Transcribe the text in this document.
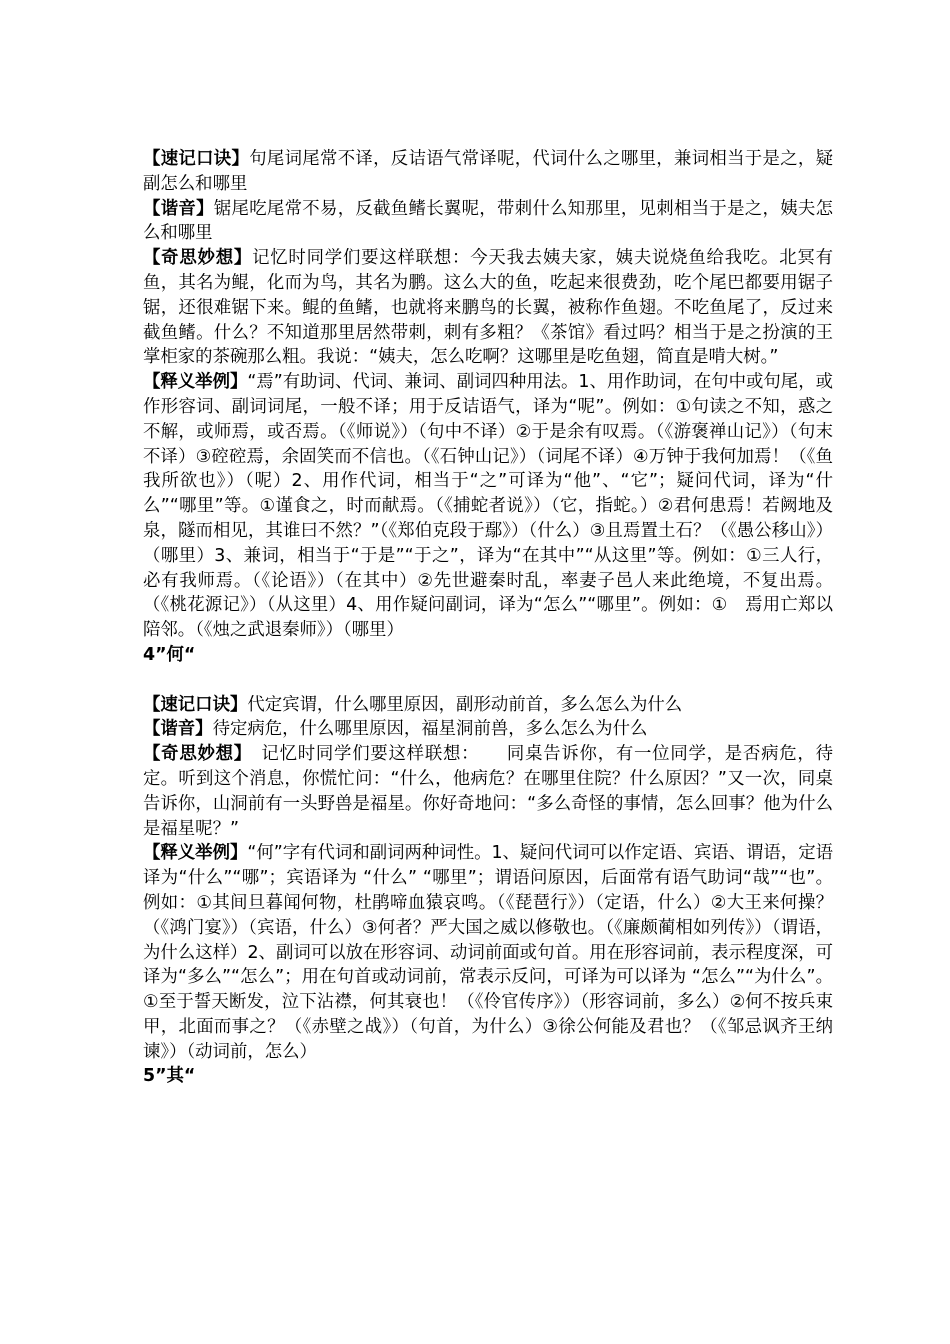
【速记口诀】句尾词尾常不译，反诘语气常译呢，代词什么之哪里，兼词相当于是之，疑副怎么和哪里

【谐音】锯尾吃尾常不易，反截鱼鳍长翼呢，带刺什么知那里，见刺相当于是之，姨夫怎么和哪里

【奇思妙想】记忆时同学们要这样联想：今天我去姨夫家，姨夫说烧鱼给我吃。北冥有鱼，其名为鲲，化而为鸟，其名为鹏。这么大的鱼，吃起来很费劲，吃个尾巴都要用锯子锯，还很难锯下来。鲲的鱼鳍，也就将来鹏鸟的长翼，被称作鱼翅。不吃鱼尾了，反过来截鱼鳍。什么？不知道那里居然带刺，刺有多粗？《茶馆》看过吗？相当于是之扮演的王掌柜家的茶碗那么粗。我说：“姨夫，怎么吃啊？这哪里是吃鱼翅，简直是啃大树。”

【释义举例】“焉”有助词、代词、兼词、副词四种用法。1、用作助词，在句中或句尾，或作形容词、副词词尾，一般不译；用于反诘语气，译为“呢”。例如：①句读之不知，惑之不解，或师焉，或否焉。（《师说》）（句中不译）②于是余有叹焉。（《游褒禅山记》）（句末不译）③硿硿焉，余固笑而不信也。（《石钟山记》）（词尾不译）④万钟于我何加焉！（《鱼我所欲也》）（呢）2、用作代词，相当于“之”可译为“他”、“它”；疑问代词，译为“什么”“哪里”等。①谨食之，时而献焉。（《捕蛇者说》）（它，指蛇。）②君何患焉！若阙地及泉，隧而相见，其谁曰不然？”（《郑伯克段于鄢》）（什么）③且焉置土石？（《愚公移山》）（哪里）3、兼词，相当于“于是”“于之”，译为“在其中”“从这里”等。例如：①三人行，必有我师焉。（《论语》）（在其中）②先世避秦时乱，率妻子邑人来此绝境，不复出焉。（《桃花源记》）（从这里）4、用作疑问副词，译为“怎么”“哪里”。例如：①　焉用亡郑以陪邻。（《烛之武退秦师》）（哪里）

4”何“

【速记口诀】代定宾谓，什么哪里原因，副形动前首，多么怎么为什么

【谐音】待定病危，什么哪里原因，福星洞前兽，多么怎么为什么

【奇思妙想】　记忆时同学们要这样联想：　　同桌告诉你，有一位同学，是否病危，待定。听到这个消息，你慌忙问：“什么，他病危？在哪里住院？什么原因？”又一次，同桌告诉你，山洞前有一头野兽是福星。你好奇地问：“多么奇怪的事情，怎么回事？他为什么是福星呢？”

【释义举例】“何”字有代词和副词两种词性。1、疑问代词可以作定语、宾语、谓语，定语译为“什么”“哪”；宾语译为 “什么” “哪里”；谓语问原因，后面常有语气助词“哉”“也”。例如：①其间旦暮闻何物，杜鹃啼血猿哀鸣。（《琵琶行》）（定语，什么）②大王来何操？（《鸿门宴》）（宾语，什么）③何者？严大国之威以修敬也。（《廉颇蔺相如列传》）（谓语，为什么这样）2、副词可以放在形容词、动词前面或句首。用在形容词前，表示程度深，可译为“多么”“怎么”；用在句首或动词前，常表示反问，可译为可以译为 “怎么”“为什么”。①至于誓天断发，泣下沾襟，何其衰也！（《伶官传序》）（形容词前，多么）②何不按兵束甲，北面而事之？（《赤壁之战》）（句首，为什么）③徐公何能及君也？（《邹忌讽齐王纳谏》）（动词前，怎么）

5”其“
